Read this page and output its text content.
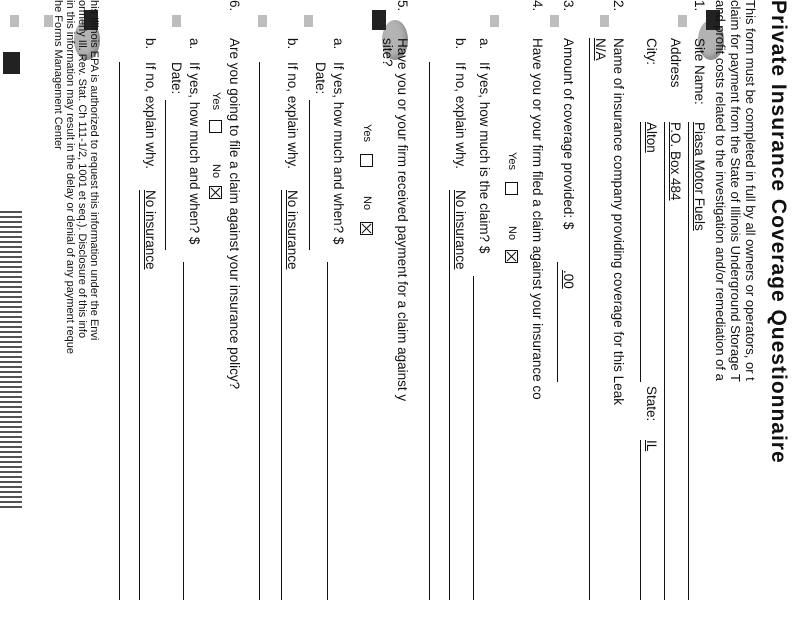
Private Insurance Coverage Questionnaire
This form must be completed in full by all owners or operators, or t
claim for payment from the State of Illinois Underground Storage T
and profit costs related to the investigation and/or remediation of a
1.
Site Name:
Piasa Motor Fuels
Address
P.O. Box 484
City:
Alton
State:
IL
2.
Name of insurance company providing coverage for this Leak
N/A
3.
Amount of coverage provided: $
.00
4.
Have you or your firm filed a claim against your insurance co
Yes
No
a.
If yes, how much is the claim? $
b.
If no, explain why.
No insurance
5.
Have you or your firm received payment for a claim against y
site?
Yes
No
a.
If yes, how much and when? $
Date:
b.
If no, explain why.
No insurance
6.
Are you going to file a claim against your insurance policy?
Yes
No
a.
If yes, how much and when? $
Date:
b.
If no, explain why.
No insurance
his Illinois EPA is authorized to request this information under the Envi
ormerly Ill. Rev. Stat. Ch 111-1/2, 1001 et seq.). Disclosure of this info
in this information may result in the delay or denial of any payment reque
he Forms Management Center
